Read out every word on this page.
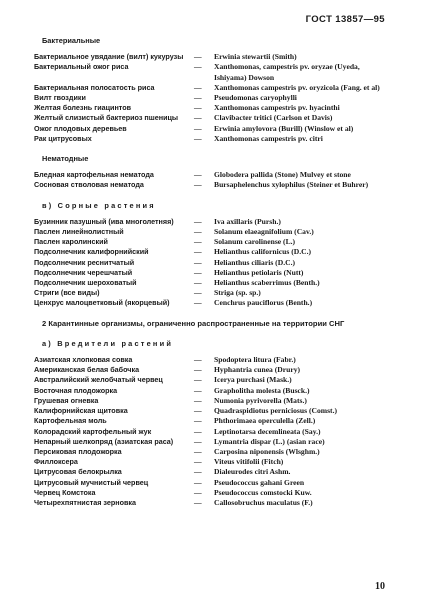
ГОСТ 13857—95
Бактериальные
Бактериальное увядание (вилт) кукурузы	—	Erwinia stewartii (Smith)
Бактериальный ожог риса	—	Xanthomonas, campestris pv. oryzae (Uyeda, Ishiyama) Dowson
Бактериальная полосатость риса	—	Xanthomonas campestris pv. oryzicola (Fang. et al)
Вилт гвоздики	—	Pseudomonas caryophylli
Желтая болезнь гиацинтов	—	Xanthomonas campestris pv. hyacinthi
Желтый слизистый бактериоз пшеницы	—	Clavibacter tritici (Carlson et Davis)
Ожог плодовых деревьев	—	Erwinia amylovora (Burill) (Winslow et al)
Рак цитрусовых	—	Xanthomonas campestris pv. citri
Нематодные
Бледная картофельная нематода	—	Globodera pallida (Stone) Mulvey et stone
Сосновая стволовая нематода	—	Bursaphelenchus xylophilus (Steiner et Buhrer)
в) Сорные растения
Бузинник пазушный (ива многолетняя)	—	Iva axillaris (Pursh.)
Паслен линейнолистный	—	Solanum elaeagnifolium (Cav.)
Паслен каролинский	—	Solanum carolinense (L.)
Подсолнечник калифорнийский	—	Helianthus californicus (D.C.)
Подсолнечник реснитчатый	—	Helianthus ciliaris (D.C.)
Подсолнечник черешчатый	—	Helianthus petiolaris (Nutt)
Подсолнечник шероховатый	—	Helianthus scaberrimus (Benth.)
Стриги (все виды)	—	Striga (sp. sp.)
Ценхрус малоцветковый (якорцевый)	—	Cenchrus pauciflorus (Benth.)
2 Карантинные организмы, ограниченно распространенные на территории СНГ
а) Вредители растений
Азиатская хлопковая совка	—	Spodoptera litura (Fabr.)
Американская белая бабочка	—	Hyphantria cunea (Drury)
Австралийский желобчатый червец	—	Icerya purchasi (Mask.)
Восточная плодожорка	—	Grapholitha molesta (Busck.)
Грушевая огневка	—	Numonia pyrivorella (Mats.)
Калифорнийская щитовка	—	Quadraspidiotus perniciosus (Comst.)
Картофельная моль	—	Phthorimaea operculella (Zell.)
Колорадский картофельный жук	—	Leptinotarsa decemlineata (Say.)
Непарный шелкопряд (азиатская раса)	—	Lymantria dispar (L.) (asian race)
Персиковая плодожорка	—	Carposina niponensis (Wlsghm.)
Филлоксера	—	Viteus vitifolii (Fitch)
Цитрусовая белокрылка	—	Dialeurodes citri Ashm.
Цитрусовый мучнистый червец	—	Pseudococcus gahani Green
Червец Комстока	—	Pseudococcus comstocki Kuw.
Четырехпятнистая зерновка	—	Callosobruchus maculatus (F.)
10
